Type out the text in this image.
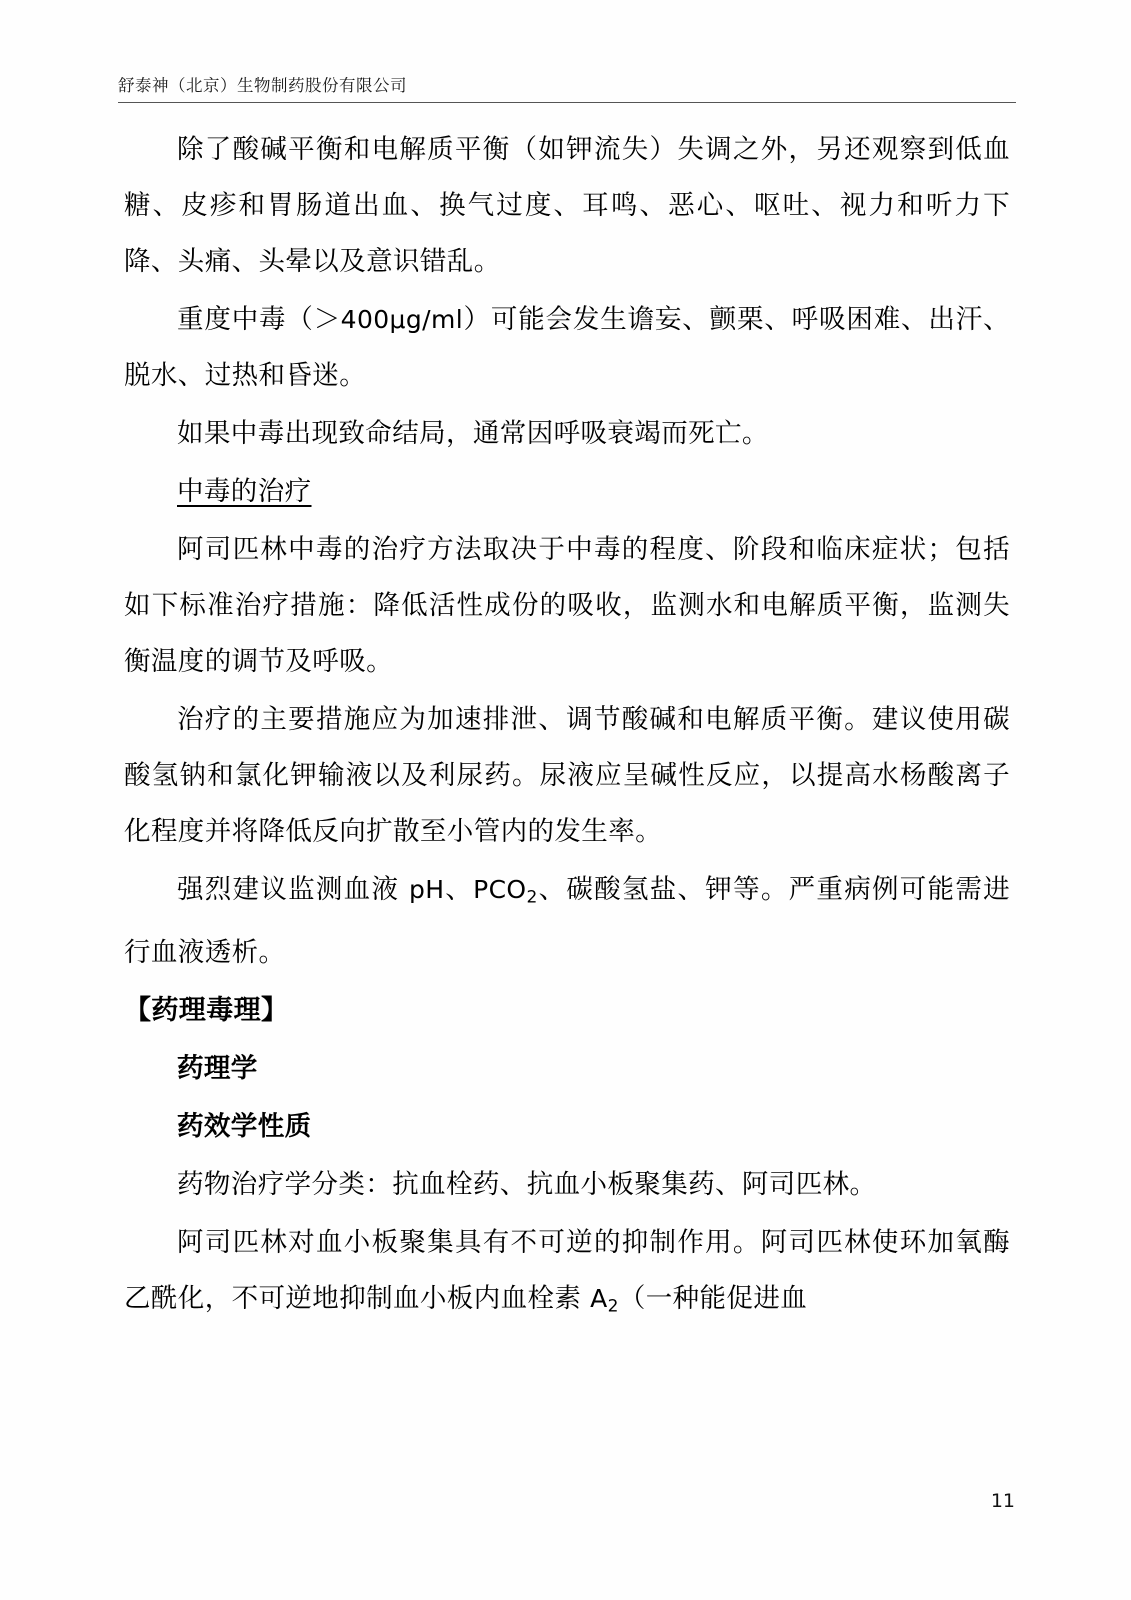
舒泰神（北京）生物制药股份有限公司

除了酸碱平衡和电解质平衡（如钾流失）失调之外，另还观察到低血糖、皮疹和胃肠道出血、换气过度、耳鸣、恶心、呕吐、视力和听力下降、头痛、头晕以及意识错乱。

重度中毒（＞400μg/ml）可能会发生谵妄、颤栗、呼吸困难、出汗、脱水、过热和昏迷。

如果中毒出现致命结局，通常因呼吸衰竭而死亡。

中毒的治疗

阿司匹林中毒的治疗方法取决于中毒的程度、阶段和临床症状；包括如下标准治疗措施：降低活性成份的吸收，监测水和电解质平衡，监测失衡温度的调节及呼吸。

治疗的主要措施应为加速排泄、调节酸碱和电解质平衡。建议使用碳酸氢钠和氯化钾输液以及利尿药。尿液应呈碱性反应，以提高水杨酸离子化程度并将降低反向扩散至小管内的发生率。

强烈建议监测血液 pH、$PCO_2$、碳酸氢盐、钾等。严重病例可能需进行血液透析。

【药理毒理】

药理学

药效学性质

药物治疗学分类：抗血栓药、抗血小板聚集药、阿司匹林。

阿司匹林对血小板聚集具有不可逆的抑制作用。阿司匹林使环加氧酶乙酰化，不可逆地抑制血小板内血栓素 $A_2$（一种能促进血

11
